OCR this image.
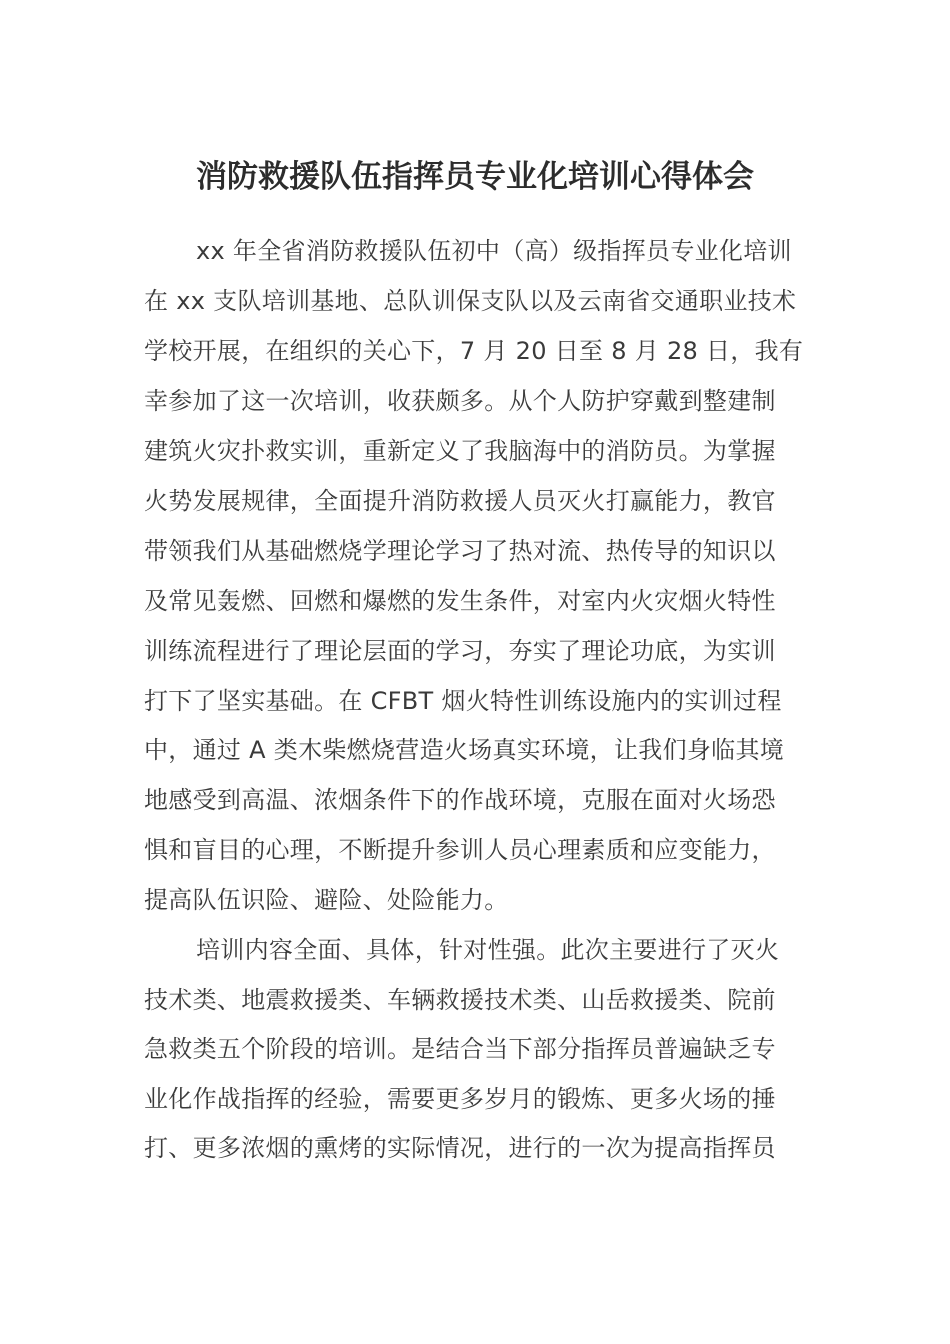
消防救援队伍指挥员专业化培训心得体会
xx 年全省消防救援队伍初中（高）级指挥员专业化培训
在 xx 支队培训基地、总队训保支队以及云南省交通职业技术
学校开展，在组织的关心下，7 月 20 日至 8 月 28 日，我有
幸参加了这一次培训，收获颇多。从个人防护穿戴到整建制
建筑火灾扑救实训，重新定义了我脑海中的消防员。为掌握
火势发展规律，全面提升消防救援人员灭火打赢能力，教官
带领我们从基础燃烧学理论学习了热对流、热传导的知识以
及常见轰燃、回燃和爆燃的发生条件，对室内火灾烟火特性
训练流程进行了理论层面的学习，夯实了理论功底，为实训
打下了坚实基础。在 CFBT 烟火特性训练设施内的实训过程
中，通过 A 类木柴燃烧营造火场真实环境，让我们身临其境
地感受到高温、浓烟条件下的作战环境，克服在面对火场恐
惧和盲目的心理，不断提升参训人员心理素质和应变能力，
提高队伍识险、避险、处险能力。
培训内容全面、具体，针对性强。此次主要进行了灭火
技术类、地震救援类、车辆救援技术类、山岳救援类、院前
急救类五个阶段的培训。是结合当下部分指挥员普遍缺乏专
业化作战指挥的经验，需要更多岁月的锻炼、更多火场的捶
打、更多浓烟的熏烤的实际情况，进行的一次为提高指挥员
